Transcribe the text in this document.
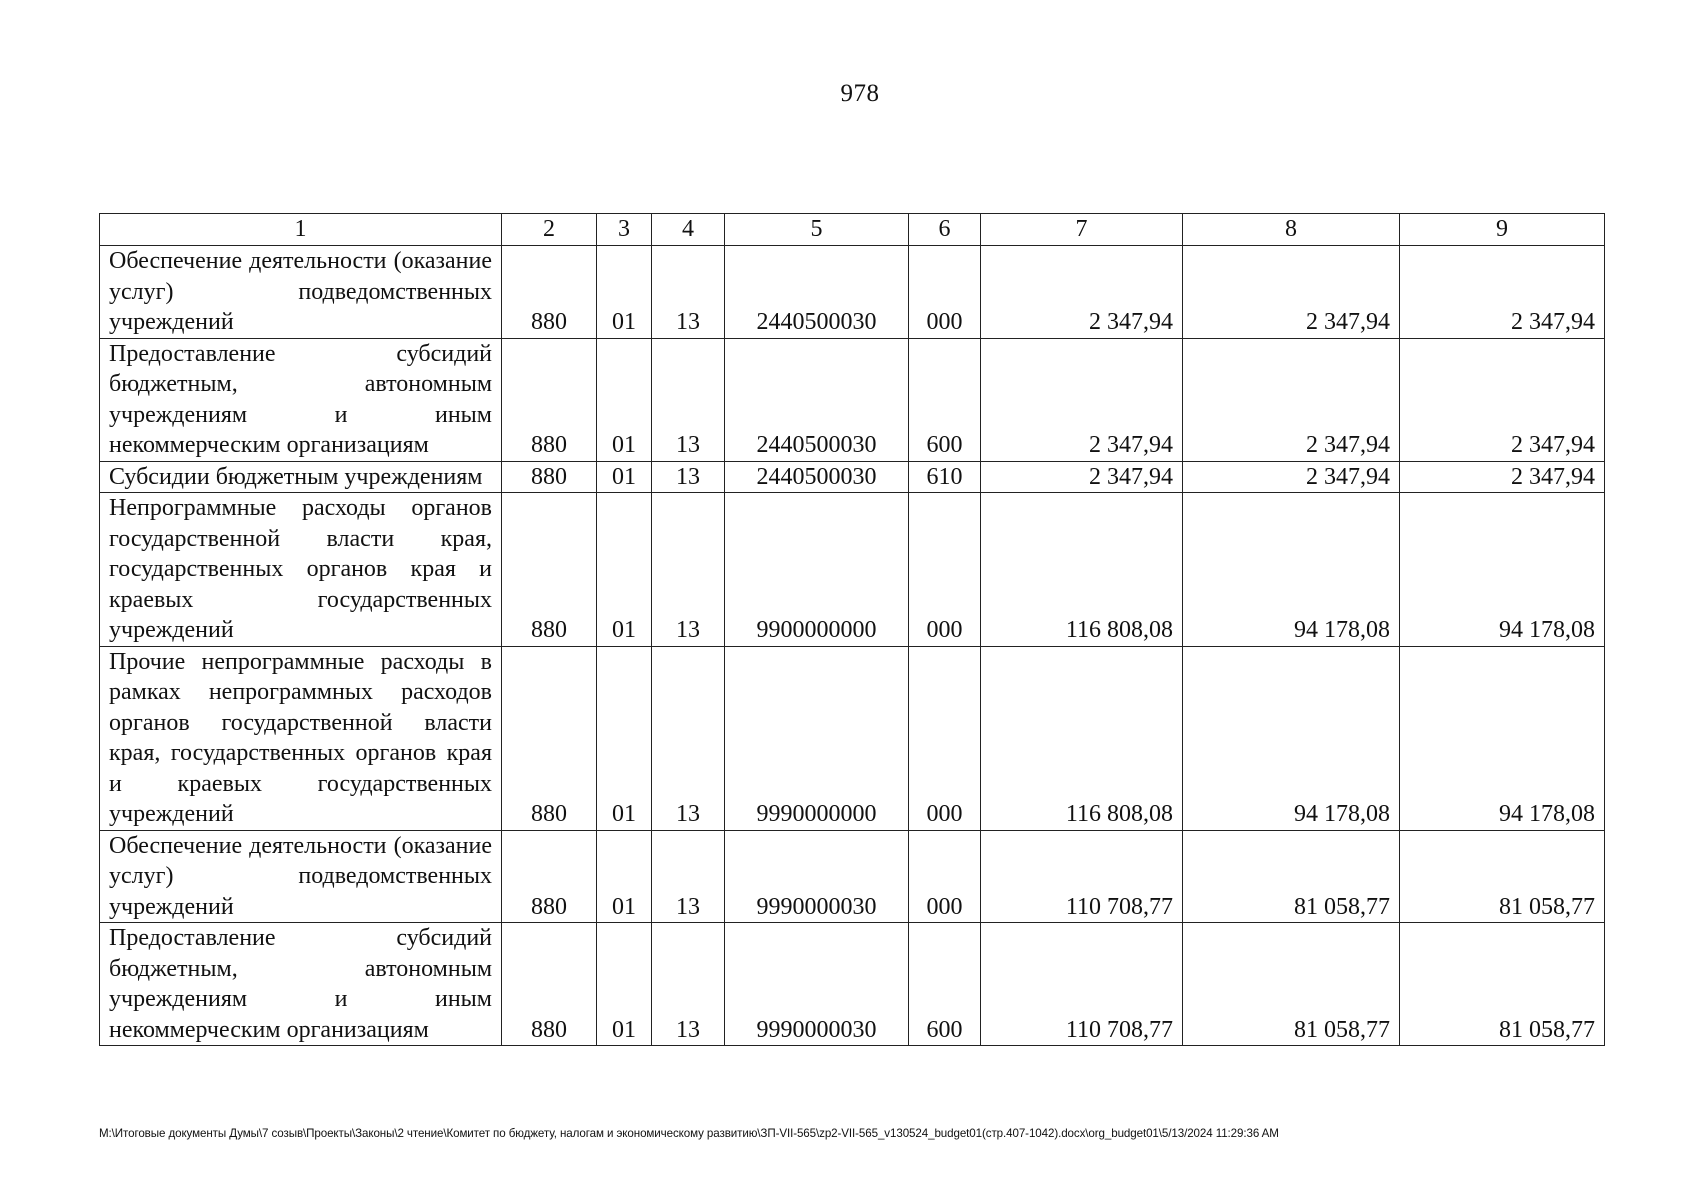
978
1	2	3	4	5	6	7	8	9
Обеспечение деятельности (оказание услуг) подведомственных учреждений	880	01	13	2440500030	000	2 347,94	2 347,94	2 347,94
Предоставление субсидий бюджетным, автономным учреждениям и иным некоммерческим организациям	880	01	13	2440500030	600	2 347,94	2 347,94	2 347,94
Субсидии бюджетным учреждениям	880	01	13	2440500030	610	2 347,94	2 347,94	2 347,94
Непрограммные расходы органов государственной власти края, государственных органов края и краевых государственных учреждений	880	01	13	9900000000	000	116 808,08	94 178,08	94 178,08
Прочие непрограммные расходы в рамках непрограммных расходов органов государственной власти края, государственных органов края и краевых государственных учреждений	880	01	13	9990000000	000	116 808,08	94 178,08	94 178,08
Обеспечение деятельности (оказание услуг) подведомственных учреждений	880	01	13	9990000030	000	110 708,77	81 058,77	81 058,77
Предоставление субсидий бюджетным, автономным учреждениям и иным некоммерческим организациям	880	01	13	9990000030	600	110 708,77	81 058,77	81 058,77
M:\Итоговые документы Думы\7 созыв\Проекты\Законы\2 чтение\Комитет по бюджету, налогам и экономическому развитию\ЗП-VII-565\zp2-VII-565_v130524_budget01(стр.407-1042).docx\org_budget01\5/13/2024 11:29:36 AM
